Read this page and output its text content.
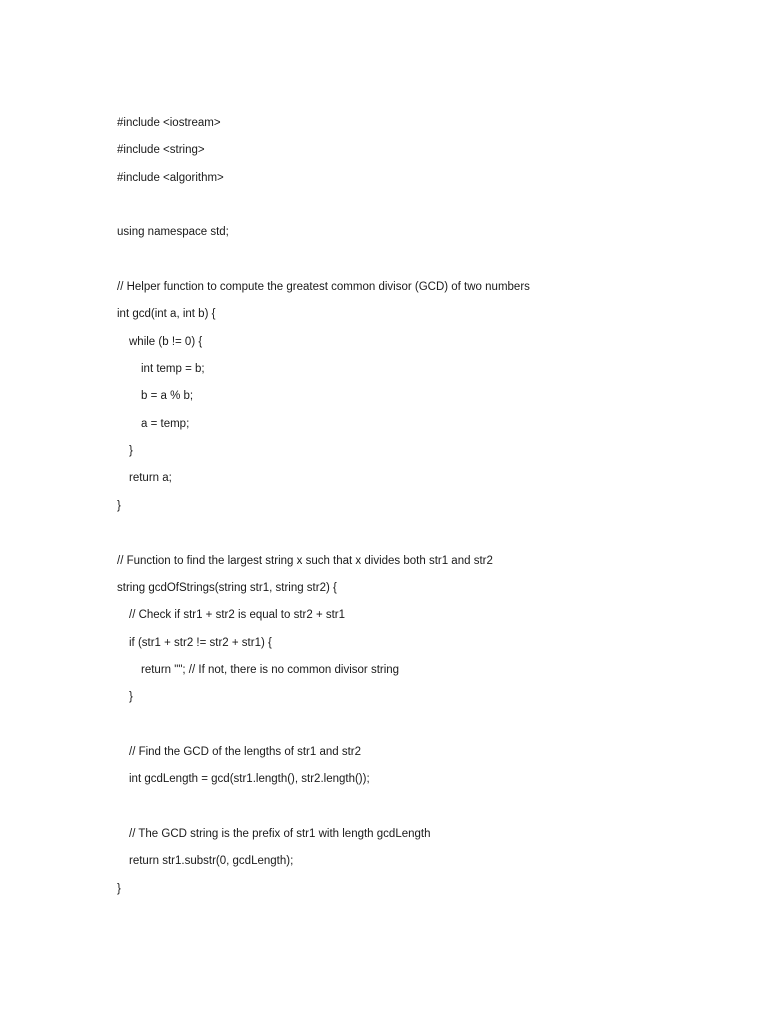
#include <iostream>
#include <string>
#include <algorithm>
using namespace std;
// Helper function to compute the greatest common divisor (GCD) of two numbers
int gcd(int a, int b) {
while (b != 0) {
int temp = b;
b = a % b;
a = temp;
}
return a;
}
// Function to find the largest string x such that x divides both str1 and str2
string gcdOfStrings(string str1, string str2) {
// Check if str1 + str2 is equal to str2 + str1
if (str1 + str2 != str2 + str1) {
return ""; // If not, there is no common divisor string
}
// Find the GCD of the lengths of str1 and str2
int gcdLength = gcd(str1.length(), str2.length());
// The GCD string is the prefix of str1 with length gcdLength
return str1.substr(0, gcdLength);
}
